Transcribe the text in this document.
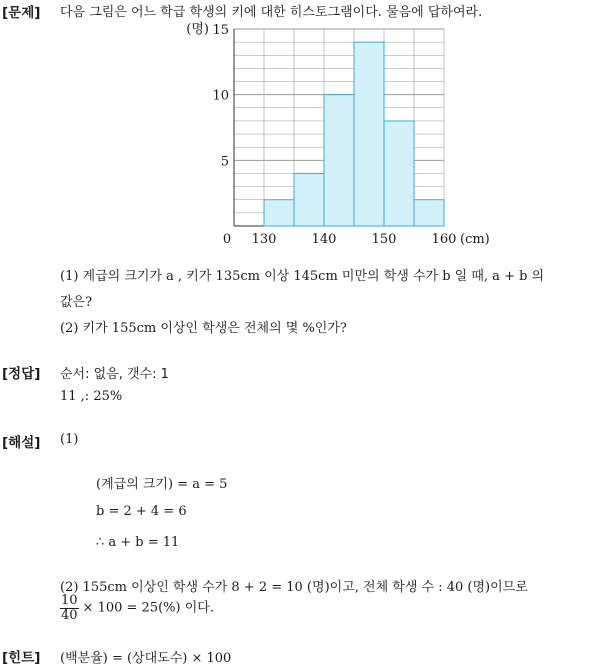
[문제] 다음 그림은 어느 학급 학생의 키에 대한 히스토그램이다. 물음에 답하여라.
5
10
15
130	140	150	160
0
(명)
(cm)
(1) 계급의 크기가 a , 키가 135cm 이상 145cm 미만의 학생 수가 b 일 때, a + b 의
값은?
(2) 키가 155cm 이상인 학생은 전체의 몇 %인가?
[정답] 순서: 없음, 갯수: 1
11 ,: 25%
[해설] (1)
(계급의 크기) = a = 5
b = 2 + 4 = 6
∴ a + b = 11
(2) 155cm 이상인 학생 수가 8 + 2 = 10 (명)이고, 전체 학생 수 : 40 (명)이므로
$\frac{10}{40} \times 100 = 25(\%)$ 이다.
[힌트] (백분율) = (상대도수) × 100
